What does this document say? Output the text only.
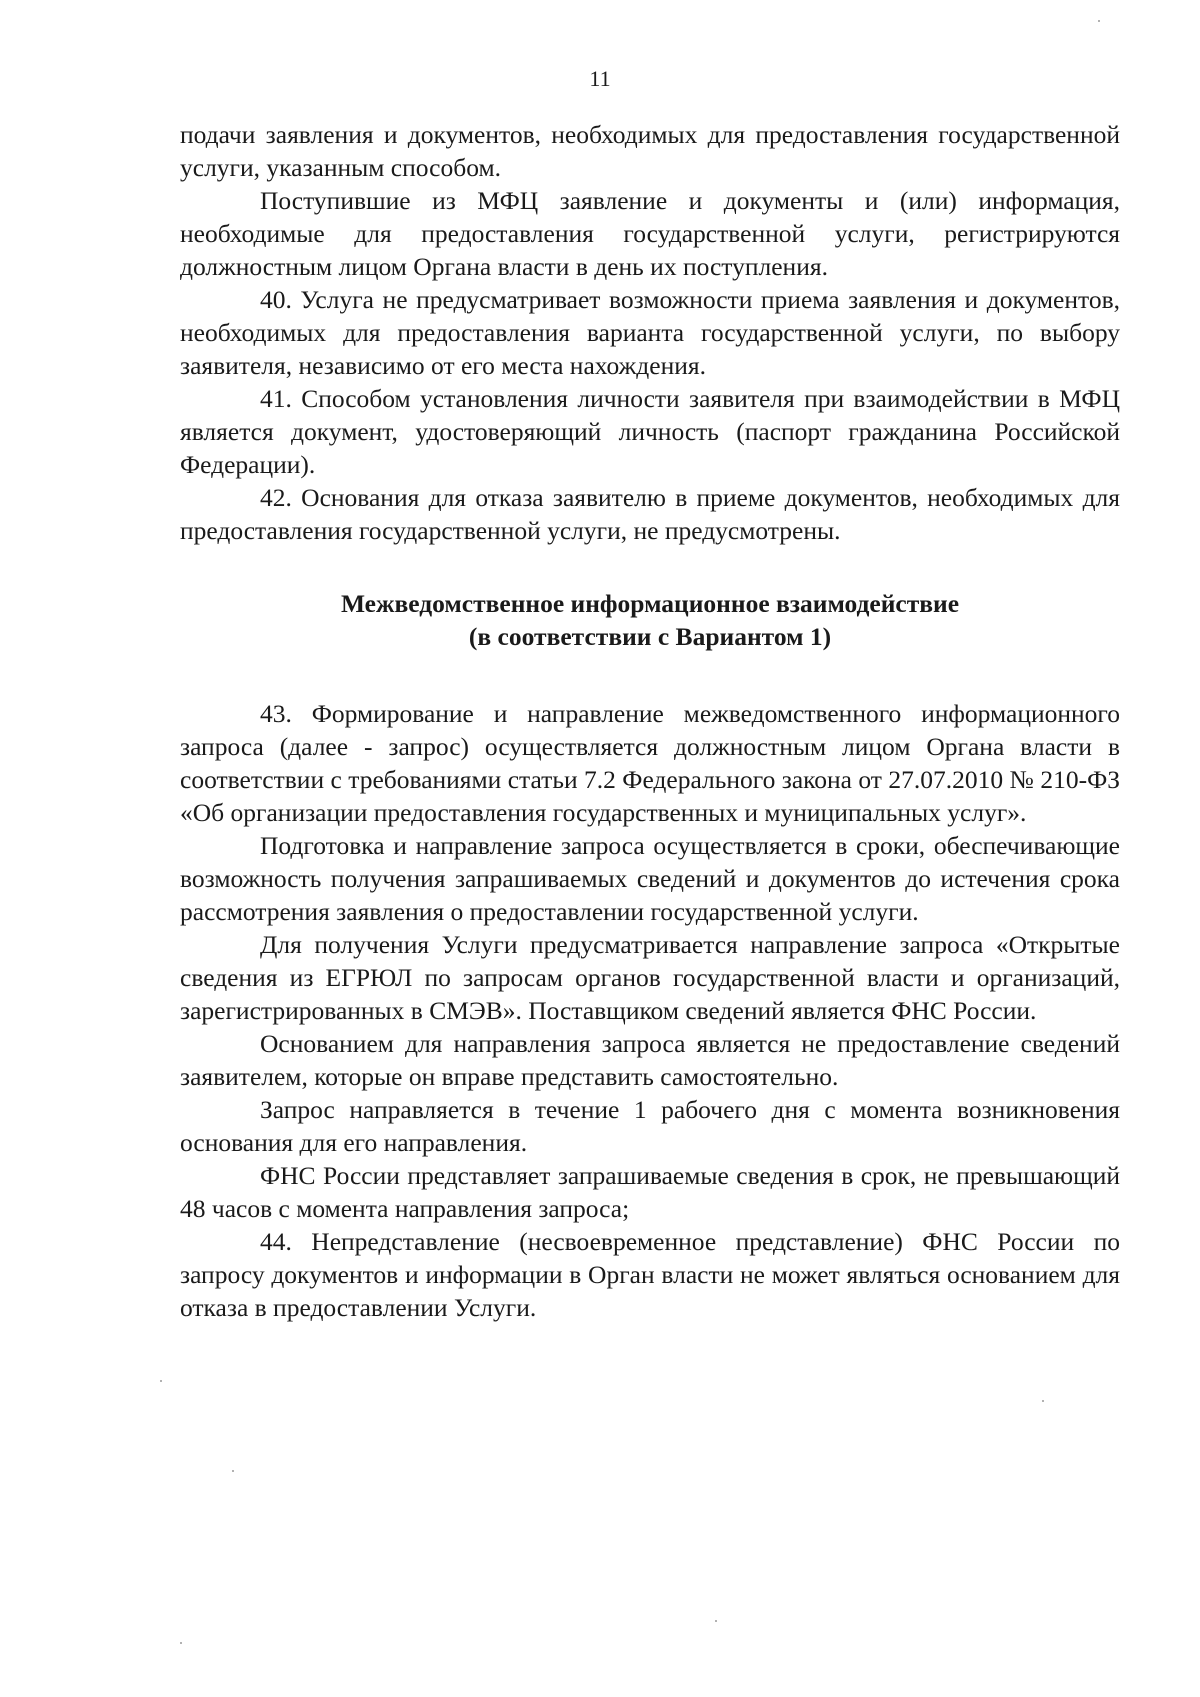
11

подачи заявления и документов, необходимых для предоставления государственной услуги, указанным способом.

Поступившие из МФЦ заявление и документы и (или) информация, необходимые для предоставления государственной услуги, регистрируются должностным лицом Органа власти в день их поступления.

40. Услуга не предусматривает возможности приема заявления и документов, необходимых для предоставления варианта государственной услуги, по выбору заявителя, независимо от его места нахождения.

41. Способом установления личности заявителя при взаимодействии в МФЦ является документ, удостоверяющий личность (паспорт гражданина Российской Федерации).

42. Основания для отказа заявителю в приеме документов, необходимых для предоставления государственной услуги, не предусмотрены.

Межведомственное информационное взаимодействие
(в соответствии с Вариантом 1)

43. Формирование и направление межведомственного информационного запроса (далее - запрос) осуществляется должностным лицом Органа власти в соответствии с требованиями статьи 7.2 Федерального закона от 27.07.2010 № 210-ФЗ «Об организации предоставления государственных и муниципальных услуг».

Подготовка и направление запроса осуществляется в сроки, обеспечивающие возможность получения запрашиваемых сведений и документов до истечения срока рассмотрения заявления о предоставлении государственной услуги.

Для получения Услуги предусматривается направление запроса «Открытые сведения из ЕГРЮЛ по запросам органов государственной власти и организаций, зарегистрированных в СМЭВ». Поставщиком сведений является ФНС России.

Основанием для направления запроса является не предоставление сведений заявителем, которые он вправе представить самостоятельно.

Запрос направляется в течение 1 рабочего дня с момента возникновения основания для его направления.

ФНС России представляет запрашиваемые сведения в срок, не превышающий 48 часов с момента направления запроса;

44. Непредставление (несвоевременное представление) ФНС России по запросу документов и информации в Орган власти не может являться основанием для отказа в предоставлении Услуги.
